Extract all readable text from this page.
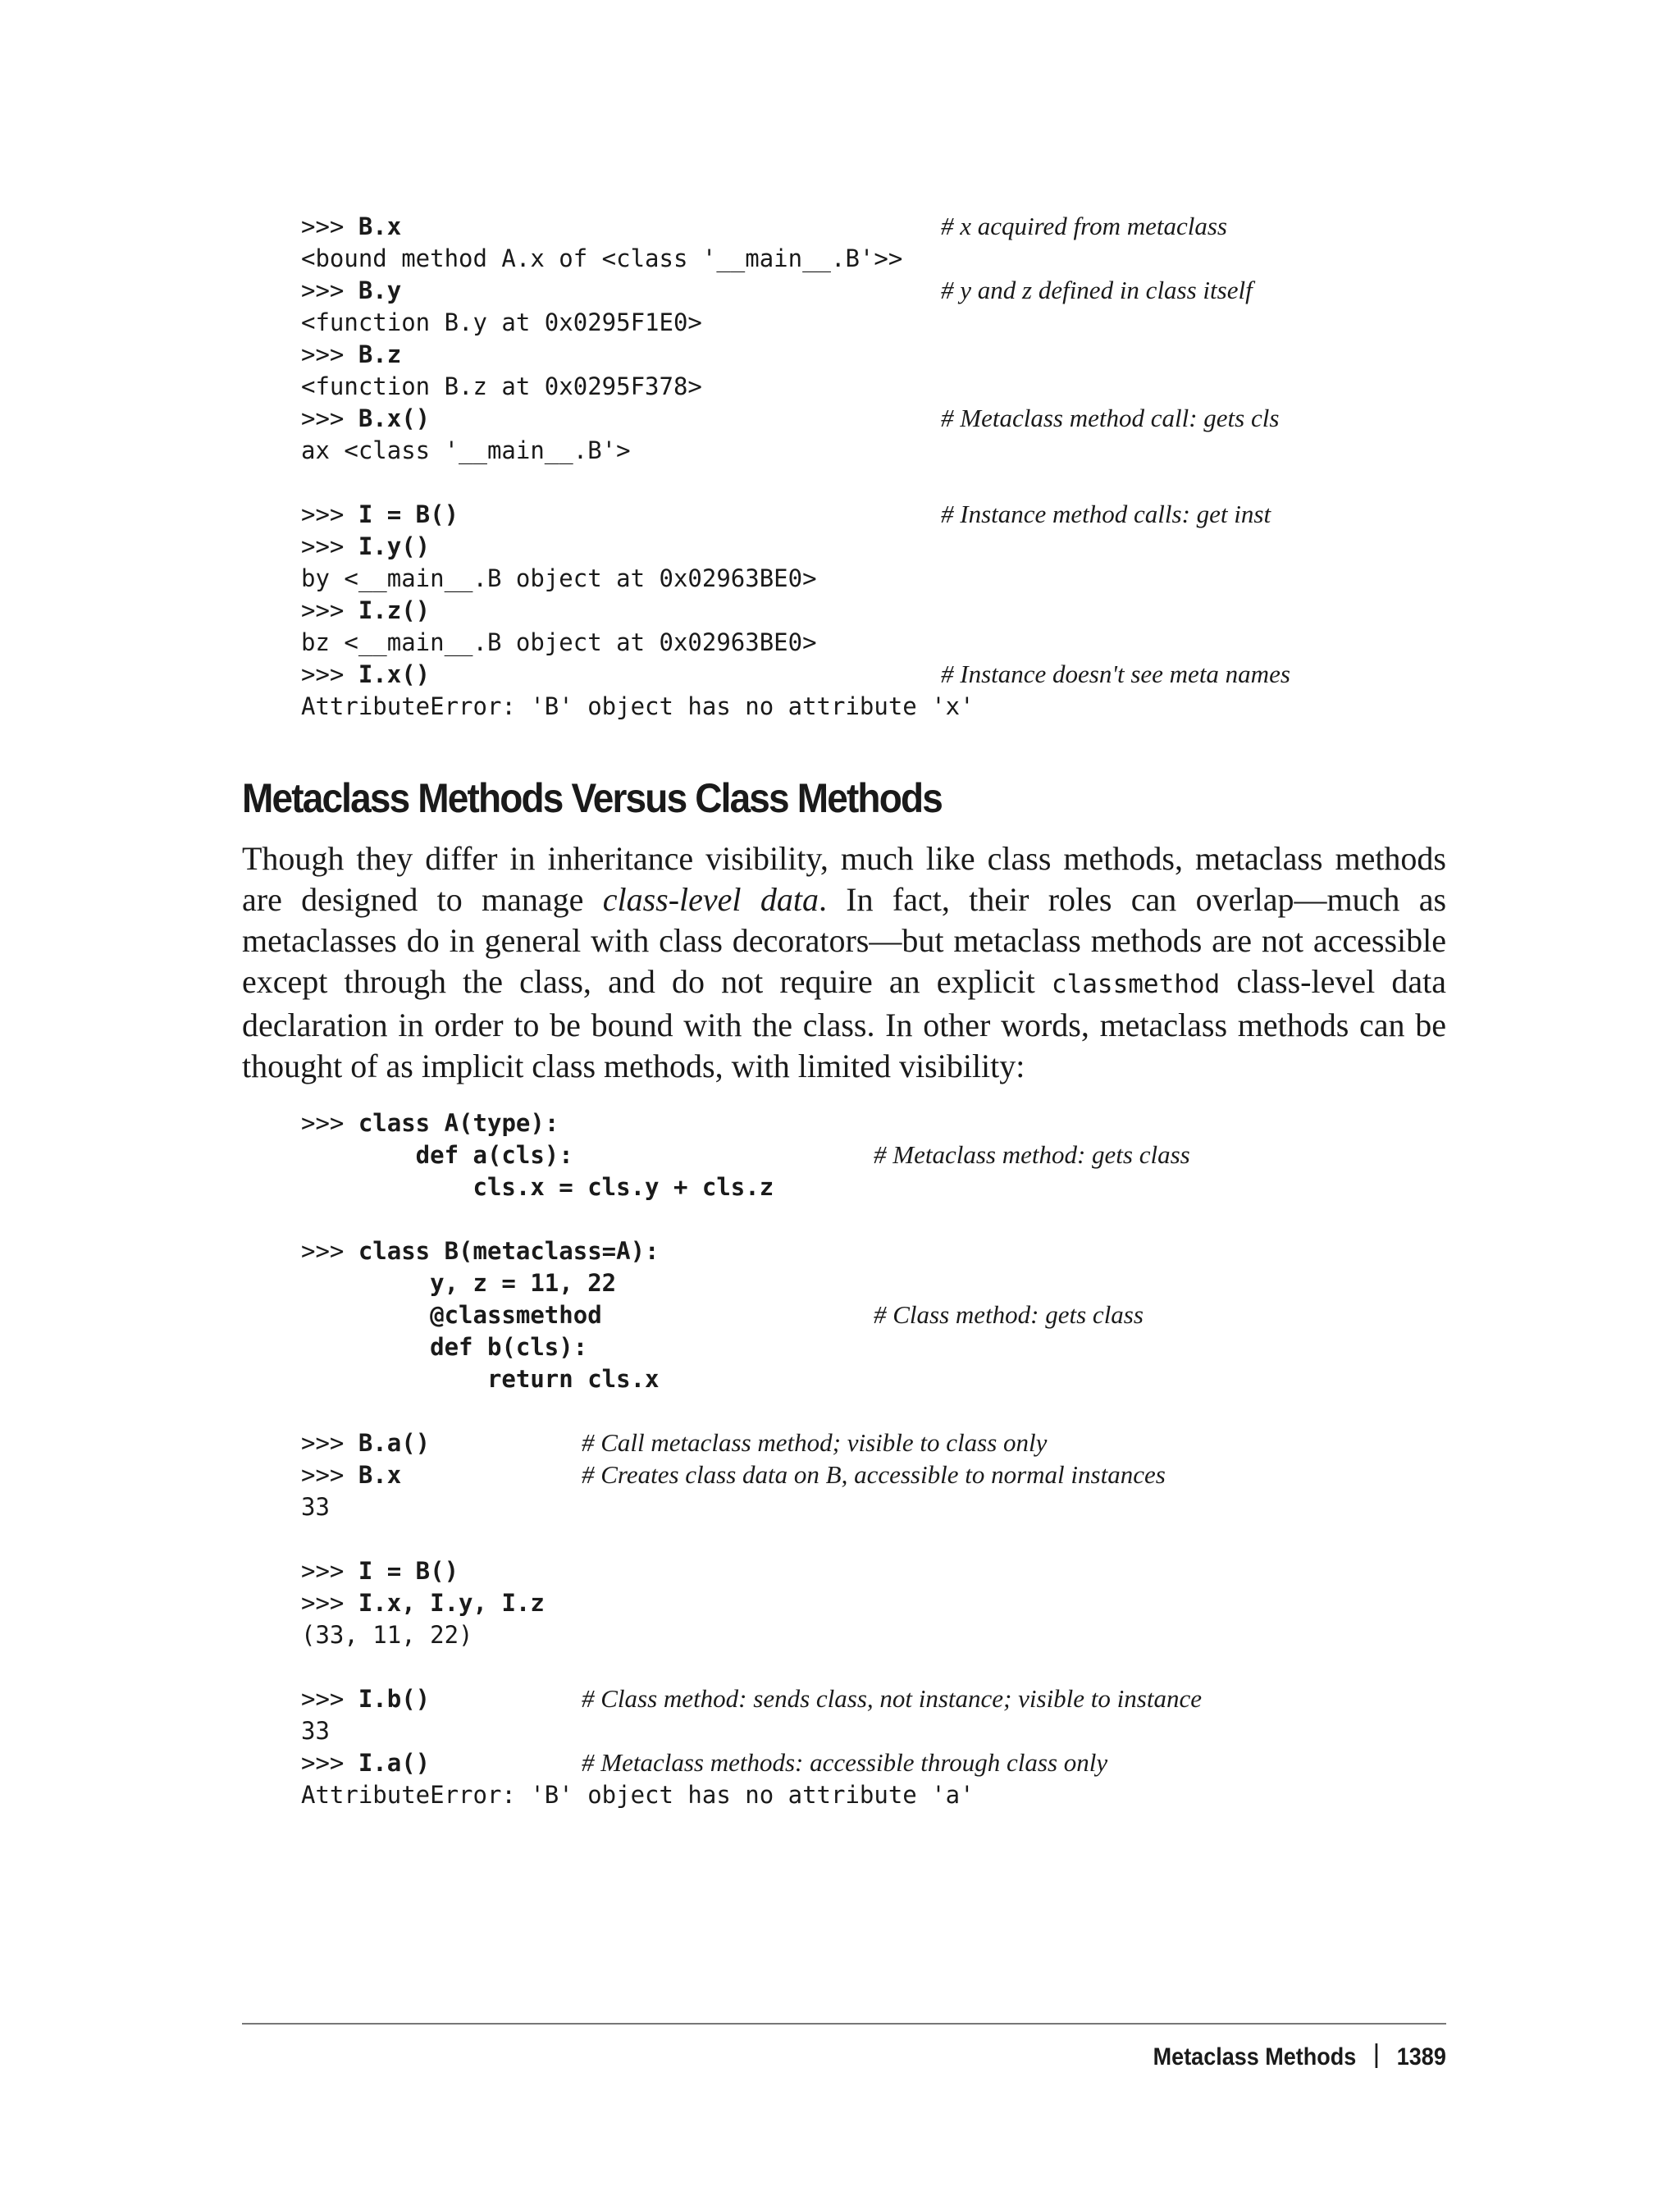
>>> B.x
<bound method A.x of <class '__main__.B'>>
>>> B.y
<function B.y at 0x0295F1E0>
>>> B.z
<function B.z at 0x0295F378>
>>> B.x()
ax <class '__main__.B'>
>>> I = B()
>>> I.y()
by <__main__.B object at 0x02963BE0>
>>> I.z()
bz <__main__.B object at 0x02963BE0>
>>> I.x()
AttributeError: 'B' object has no attribute 'x'
# x acquired from metaclass
# y and z defined in class itself
# Metaclass method call: gets cls
# Instance method calls: get inst
# Instance doesn't see meta names
Metaclass Methods Versus Class Methods

Though they differ in inheritance visibility, much like class methods, metaclass methods are designed to manage class-level data. In fact, their roles can overlap—much as metaclasses do in general with class decorators—but metaclass methods are not accessible except through the class, and do not require an explicit classmethod class-level data declaration in order to be bound with the class. In other words, metaclass methods can be thought of as implicit class methods, with limited visibility:

>>> class A(type):
def a(cls):
cls.x = cls.y + cls.z
>>> class B(metaclass=A):
y, z = 11, 22
@classmethod
def b(cls):
return cls.x
>>> B.a()
>>> B.x
33
>>> I = B()
>>> I.x, I.y, I.z
(33, 11, 22)
>>> I.b()
33
>>> I.a()
AttributeError: 'B' object has no attribute 'a'
# Metaclass method: gets class
# Class method: gets class
# Call metaclass method; visible to class only
# Creates class data on B, accessible to normal instances
# Class method: sends class, not instance; visible to instance
# Metaclass methods: accessible through class only
Metaclass Methods 1389
